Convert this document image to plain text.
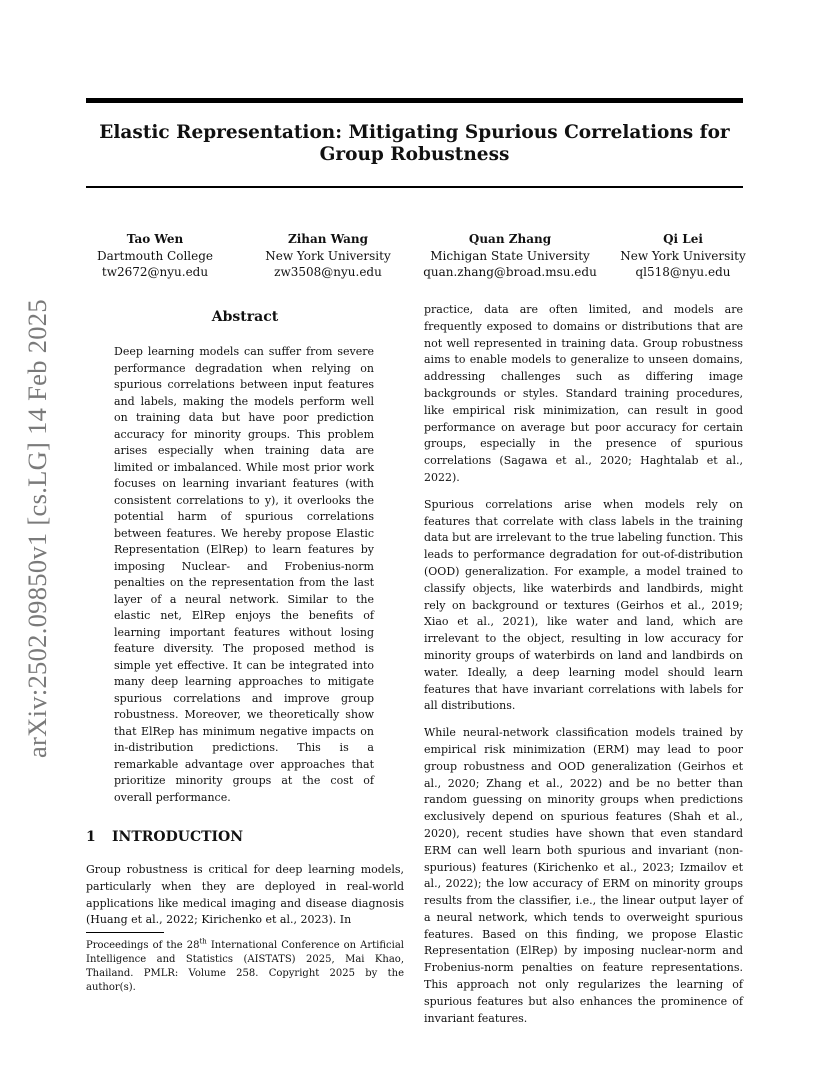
Elastic Representation: Mitigating Spurious Correlations for Group Robustness
Tao Wen
Dartmouth College
tw2672@nyu.edu
Zihan Wang
New York University
zw3508@nyu.edu
Quan Zhang
Michigan State University
quan.zhang@broad.msu.edu
Qi Lei
New York University
ql518@nyu.edu
arXiv:2502.09850v1 [cs.LG] 14 Feb 2025	Abstract

Deep learning models can suffer from severe performance degradation when relying on spurious correlations between input features and labels, making the models perform well on training data but have poor prediction accuracy for minority groups. This problem arises especially when training data are limited or imbalanced. While most prior work focuses on learning invariant features (with consistent correlations to y), it overlooks the potential harm of spurious correlations between features. We hereby propose Elastic Representation (ElRep) to learn features by imposing Nuclear- and Frobenius-norm penalties on the representation from the last layer of a neural network. Similar to the elastic net, ElRep enjoys the benefits of learning important features without losing feature diversity. The proposed method is simple yet effective. It can be integrated into many deep learning approaches to mitigate spurious correlations and improve group robustness. Moreover, we theoretically show that ElRep has minimum negative impacts on in-distribution predictions. This is a remarkable advantage over approaches that prioritize minority groups at the cost of overall performance.

1 INTRODUCTION

Group robustness is critical for deep learning models, particularly when they are deployed in real-world applications like medical imaging and disease diagnosis (Huang et al., 2022; Kirichenko et al., 2023). In

Proceedings of the 28th International Conference on Artificial Intelligence and Statistics (AISTATS) 2025, Mai Khao, Thailand. PMLR: Volume 258. Copyright 2025 by the author(s).

practice, data are often limited, and models are frequently exposed to domains or distributions that are not well represented in training data. Group robustness aims to enable models to generalize to unseen domains, addressing challenges such as differing image backgrounds or styles. Standard training procedures, like empirical risk minimization, can result in good performance on average but poor accuracy for certain groups, especially in the presence of spurious correlations (Sagawa et al., 2020; Haghtalab et al., 2022).

Spurious correlations arise when models rely on features that correlate with class labels in the training data but are irrelevant to the true labeling function. This leads to performance degradation for out-of-distribution (OOD) generalization. For example, a model trained to classify objects, like waterbirds and landbirds, might rely on background or textures (Geirhos et al., 2019; Xiao et al., 2021), like water and land, which are irrelevant to the object, resulting in low accuracy for minority groups of waterbirds on land and landbirds on water. Ideally, a deep learning model should learn features that have invariant correlations with labels for all distributions.

While neural-network classification models trained by empirical risk minimization (ERM) may lead to poor group robustness and OOD generalization (Geirhos et al., 2020; Zhang et al., 2022) and be no better than random guessing on minority groups when predictions exclusively depend on spurious features (Shah et al., 2020), recent studies have shown that even standard ERM can well learn both spurious and invariant (non-spurious) features (Kirichenko et al., 2023; Izmailov et al., 2022); the low accuracy of ERM on minority groups results from the classifier, i.e., the linear output layer of a neural network, which tends to overweight spurious features. Based on this finding, we propose Elastic Representation (ElRep) by imposing nuclear-norm and Frobenius-norm penalties on feature representations. This approach not only regularizes the learning of spurious features but also enhances the prominence of invariant features.
